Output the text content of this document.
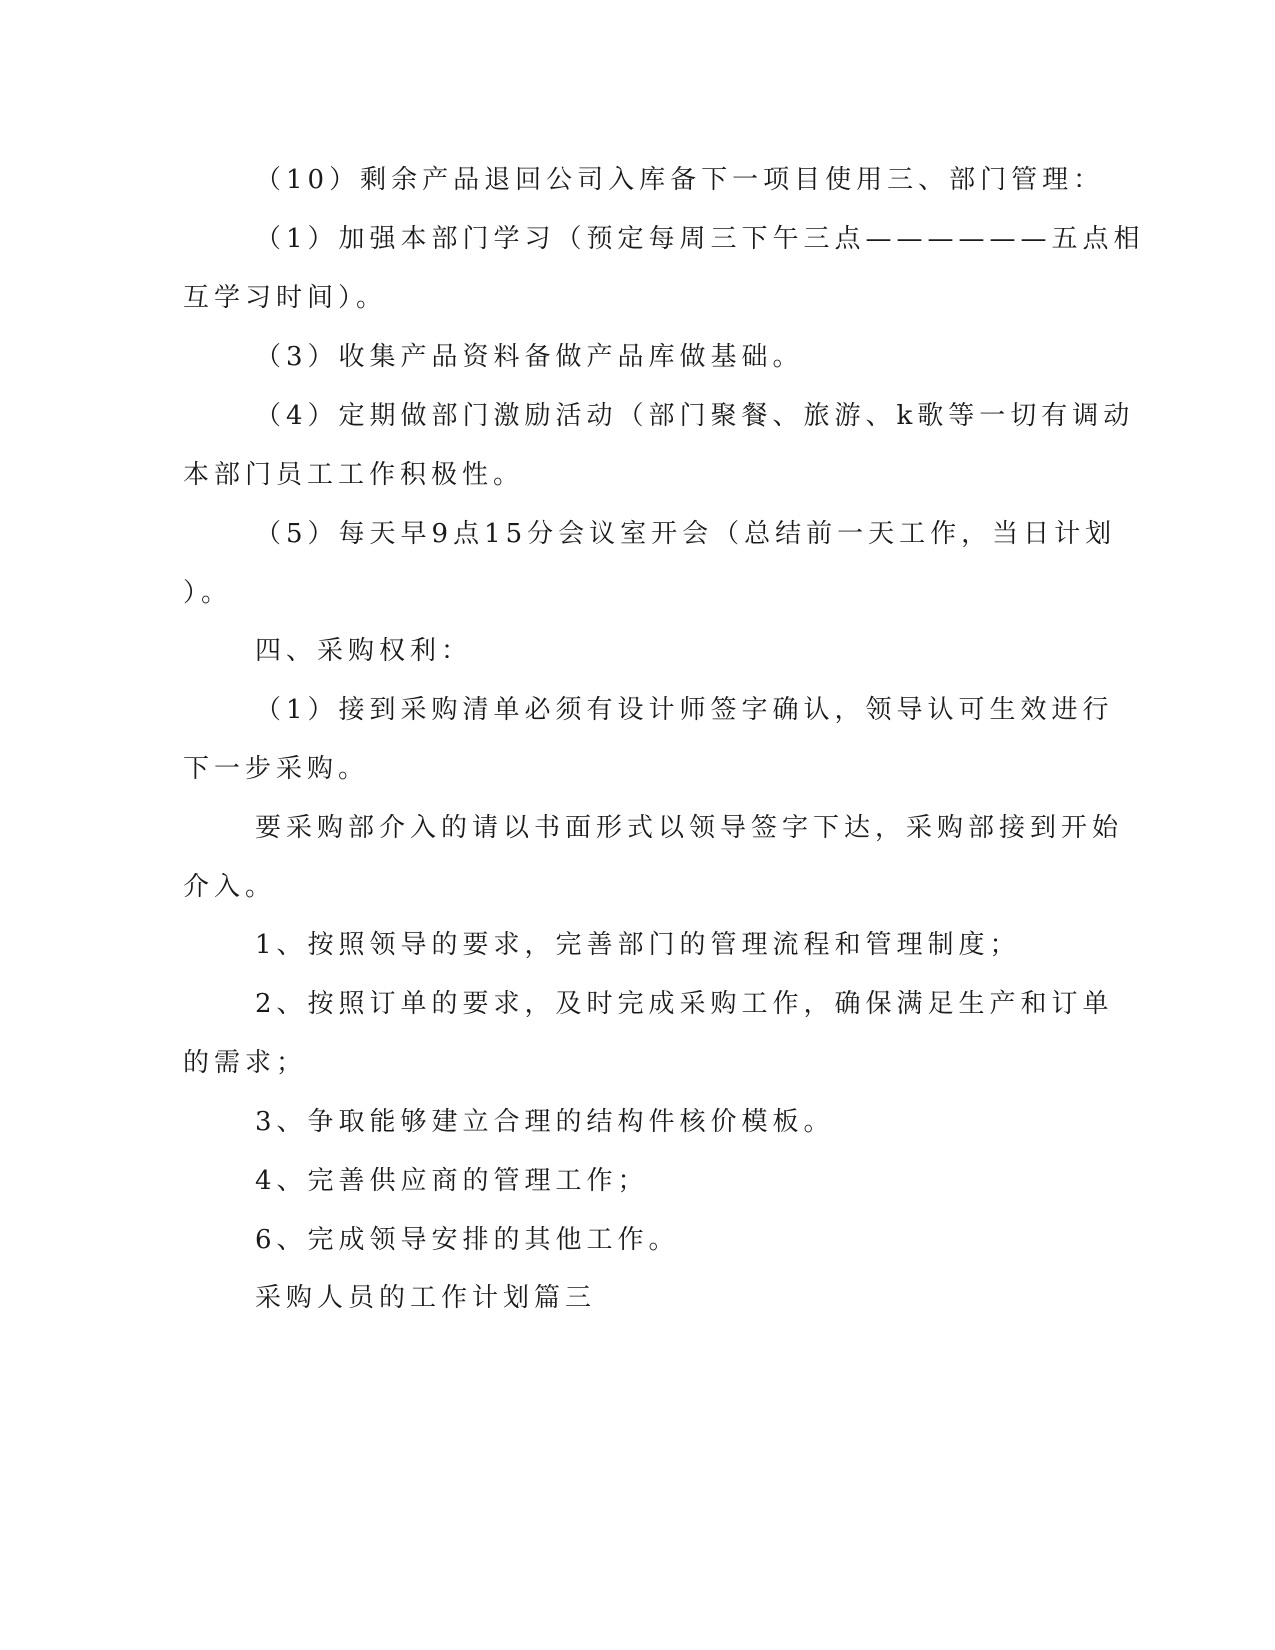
（10）剩余产品退回公司入库备下一项目使用三、部门管理：
（1）加强本部门学习（预定每周三下午三点——————五点相
互学习时间）。
（3）收集产品资料备做产品库做基础。
（4）定期做部门激励活动（部门聚餐、旅游、k歌等一切有调动
本部门员工工作积极性。
（5）每天早9点15分会议室开会（总结前一天工作，当日计划
）。
四、采购权利：
（1）接到采购清单必须有设计师签字确认，领导认可生效进行
下一步采购。
要采购部介入的请以书面形式以领导签字下达，采购部接到开始
介入。
1、按照领导的要求，完善部门的管理流程和管理制度；
2、按照订单的要求，及时完成采购工作，确保满足生产和订单
的需求；
3、争取能够建立合理的结构件核价模板。
4、完善供应商的管理工作；
6、完成领导安排的其他工作。
采购人员的工作计划篇三
